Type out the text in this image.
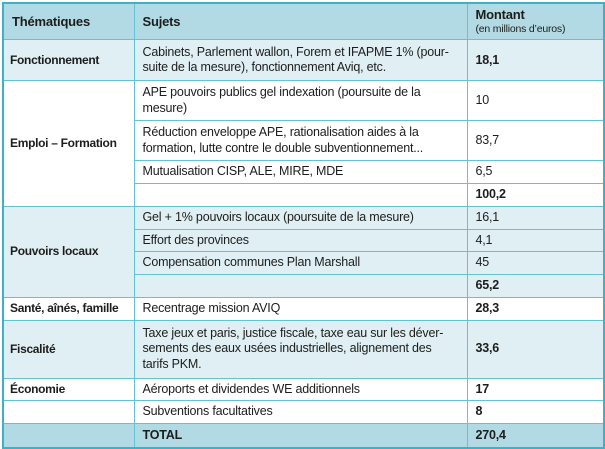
Thématiques	Sujets	Montant
(en millions d’euros)

Fonctionnement	Cabinets, Parlement wallon, Forem et IFAPME 1% (poursuite de la mesure), fonctionnement Aviq, etc.	18,1
Emploi – Formation	APE pouvoirs publics gel indexation (poursuite de la mesure)	10
	Réduction enveloppe APE, rationalisation aides à la formation, lutte contre le double subventionnement...	83,7
	Mutualisation CISP, ALE, MIRE, MDE	6,5
		100,2
Pouvoirs locaux	Gel + 1% pouvoirs locaux (poursuite de la mesure)	16,1
	Effort des provinces	4,1
	Compensation communes Plan Marshall	45
		65,2
Santé, aînés, famille	Recentrage mission AVIQ	28,3
Fiscalité	Taxe jeux et paris, justice fiscale, taxe eau sur les déversements des eaux usées industrielles, alignement des tarifs PKM.	33,6
Économie	Aéroports et dividendes WE additionnels	17
	Subventions facultatives	8
	TOTAL	270,4
